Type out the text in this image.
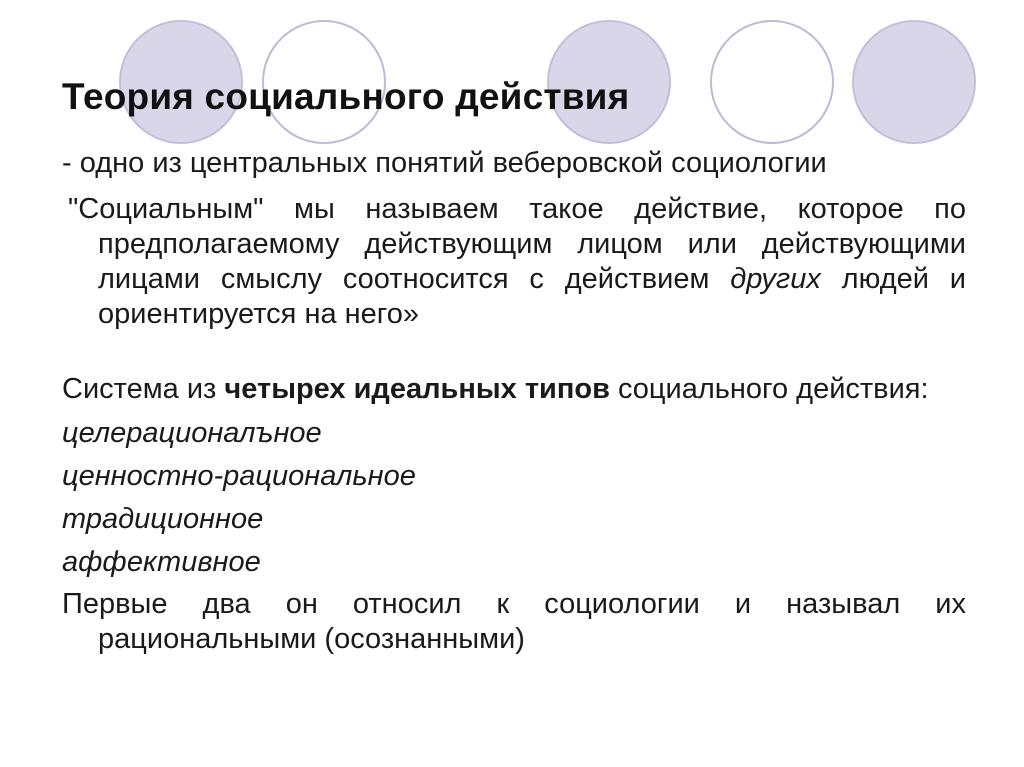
Теория социального действия

- одно из центральных понятий веберовской социологии

"Социальным" мы называем такое действие, которое по предполагаемому действующим лицом или действующими лицами смыслу соотносится с действием других людей и ориентируется на него»

Система из четырех идеальных типов социального действия:

целерационалъное

ценностно-рациональное

традиционное

аффективное

Первые два он относил к социологии и называл их рациональными (осознанными)
